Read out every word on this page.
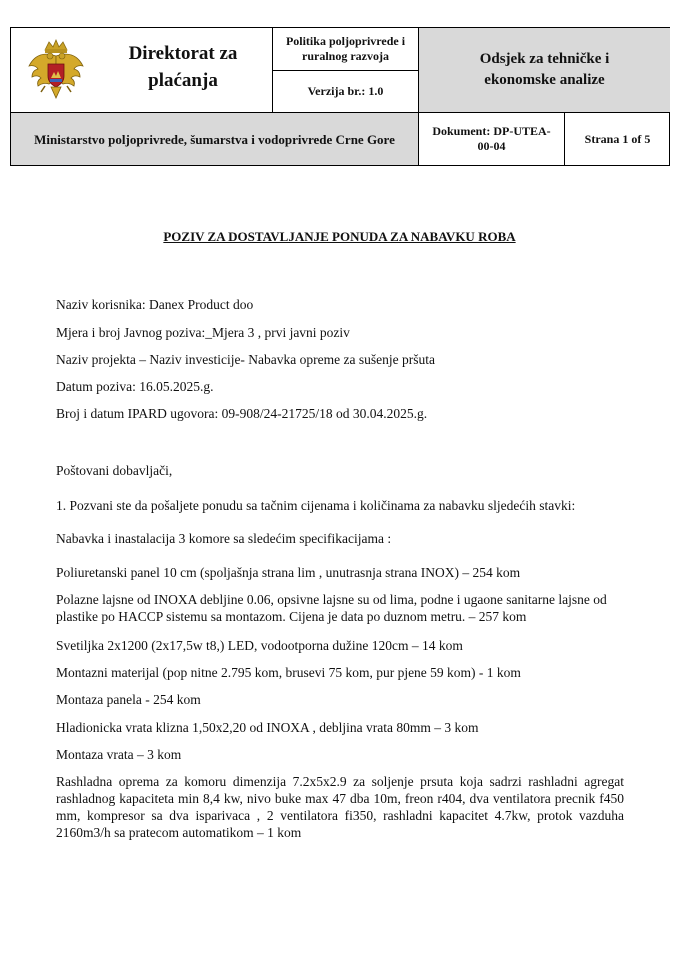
Direktorat za plaćanja
Politika poljoprivrede i ruralnog razvoja
Verzija br.: 1.0
Odsjek za tehničke i ekonomske analize
Ministarstvo poljoprivrede, šumarstva i vodoprivrede Crne Gore
Dokument: DP-UTEA-00-04
Strana 1 of 5
POZIV ZA DOSTAVLJANJE PONUDA ZA NABAVKU ROBA
Naziv korisnika: Danex Product doo
Mjera i broj Javnog poziva:_Mjera 3 , prvi javni poziv
Naziv projekta – Naziv investicije- Nabavka opreme za sušenje pršuta
Datum poziva: 16.05.2025.g.
Broj i datum IPARD ugovora: 09-908/24-21725/18 od 30.04.2025.g.
Poštovani dobavljači,
1. Pozvani ste da pošaljete ponudu sa tačnim cijenama i količinama za nabavku sljedećih stavki:
Nabavka i inastalacija 3 komore sa sledećim specifikacijama :
Poliuretanski panel 10 cm (spoljašnja strana lim , unutrasnja strana INOX) – 254 kom
Polazne lajsne od INOXA debljine 0.06, opsivne lajsne su od lima, podne i ugaone sanitarne lajsne od plastike po HACCP sistemu sa montazom. Cijena je data po duznom metru. – 257 kom
Svetiljka 2x1200 (2x17,5w t8,) LED, vodootporna dužine 120cm – 14 kom
Montazni materijal (pop nitne 2.795 kom, brusevi 75 kom, pur pjene 59 kom) - 1 kom
Montaza panela - 254 kom
Hladionicka vrata klizna 1,50x2,20 od INOXA , debljina vrata 80mm – 3 kom
Montaza vrata – 3 kom
Rashladna oprema za komoru dimenzija 7.2x5x2.9 za soljenje prsuta koja sadrzi rashladni agregat rashladnog kapaciteta min 8,4 kw, nivo buke max 47 dba 10m, freon r404, dva ventilatora precnik f450 mm, kompresor sa dva isparivaca , 2 ventilatora fi350, rashladni kapacitet 4.7kw, protok vazduha 2160m3/h sa pratecom automatikom – 1 kom
